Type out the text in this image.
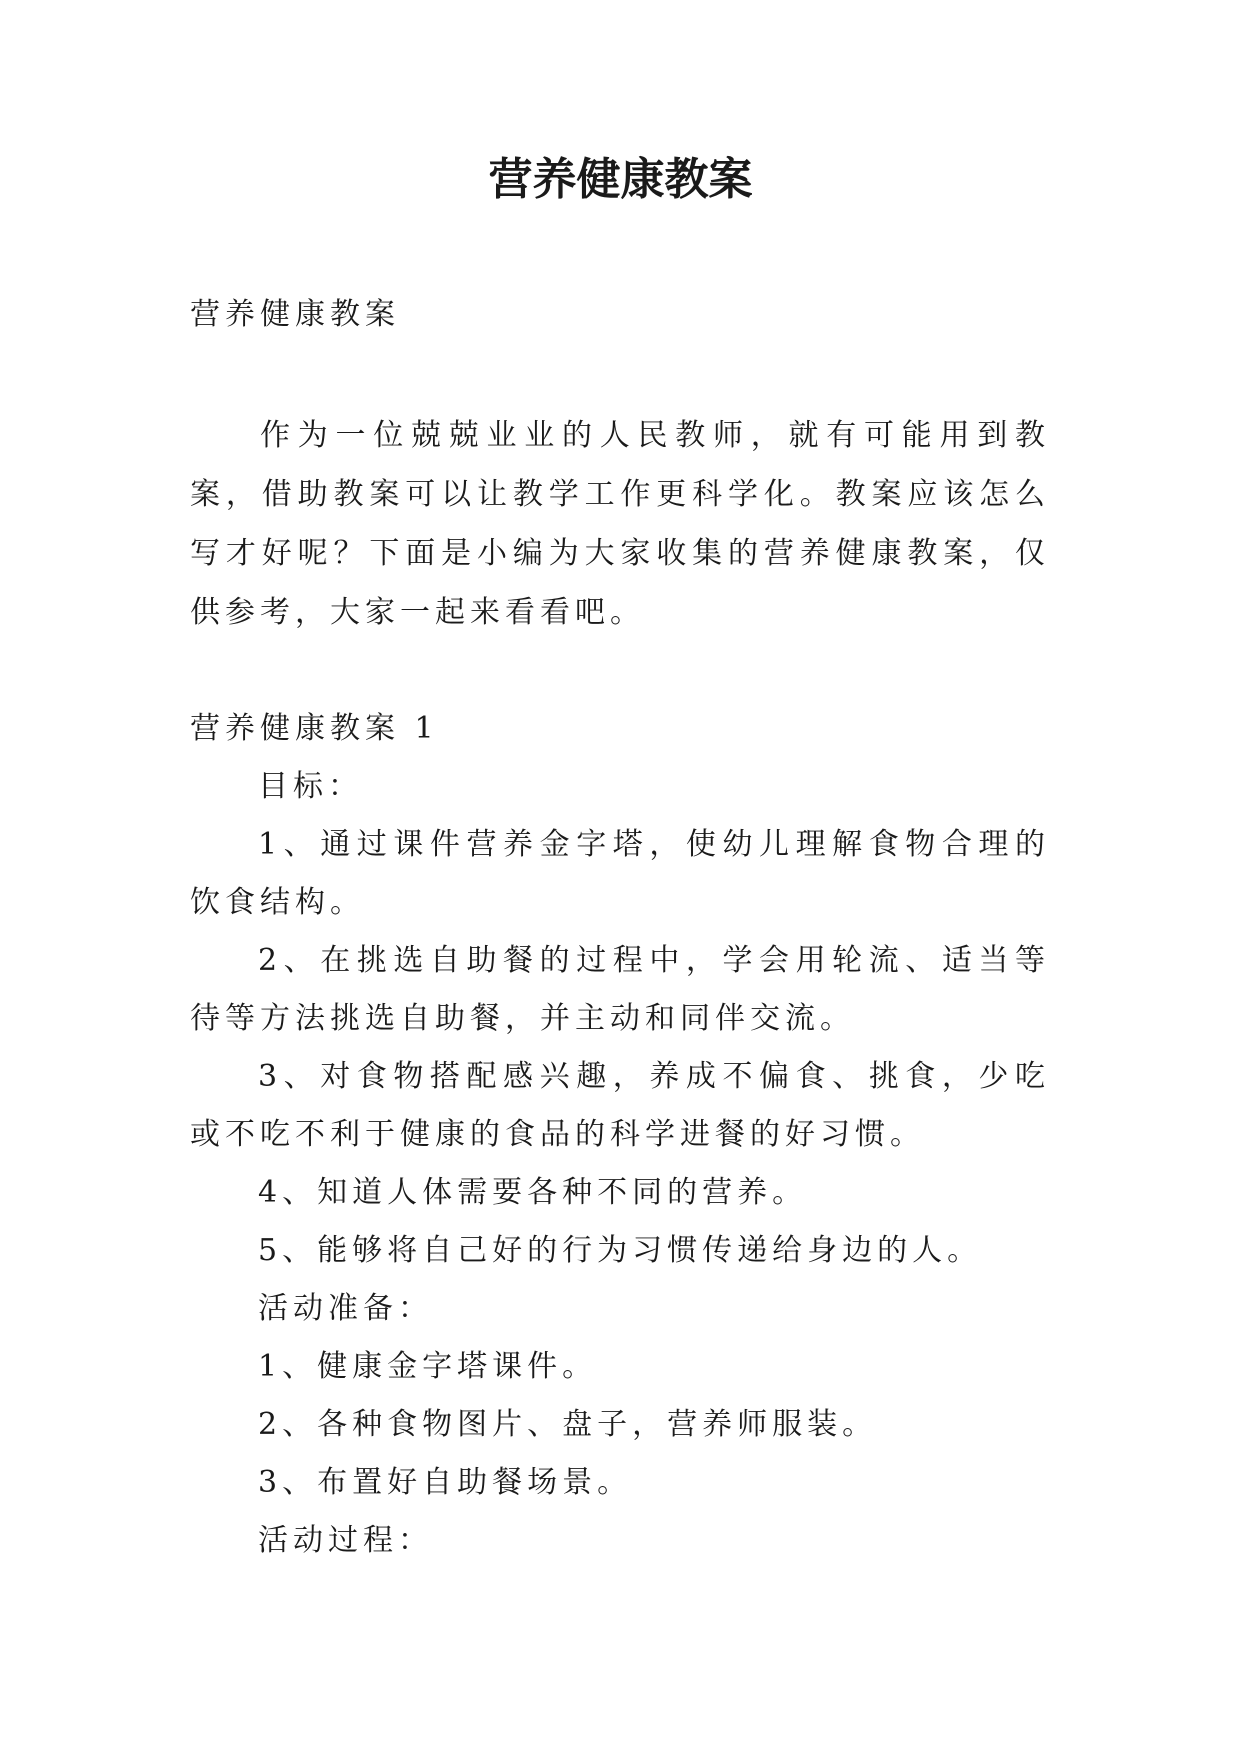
营养健康教案
营养健康教案
作为一位兢兢业业的人民教师，就有可能用到教案，借助教案可以让教学工作更科学化。教案应该怎么写才好呢？下面是小编为大家收集的营养健康教案，仅供参考，大家一起来看看吧。

营养健康教案 1

目标：

1、通过课件营养金字塔，使幼儿理解食物合理的饮食结构。

2、在挑选自助餐的过程中，学会用轮流、适当等待等方法挑选自助餐，并主动和同伴交流。

3、对食物搭配感兴趣，养成不偏食、挑食，少吃或不吃不利于健康的食品的科学进餐的好习惯。

4、知道人体需要各种不同的营养。

5、能够将自己好的行为习惯传递给身边的人。

活动准备：

1、健康金字塔课件。

2、各种食物图片、盘子，营养师服装。

3、布置好自助餐场景。

活动过程：
